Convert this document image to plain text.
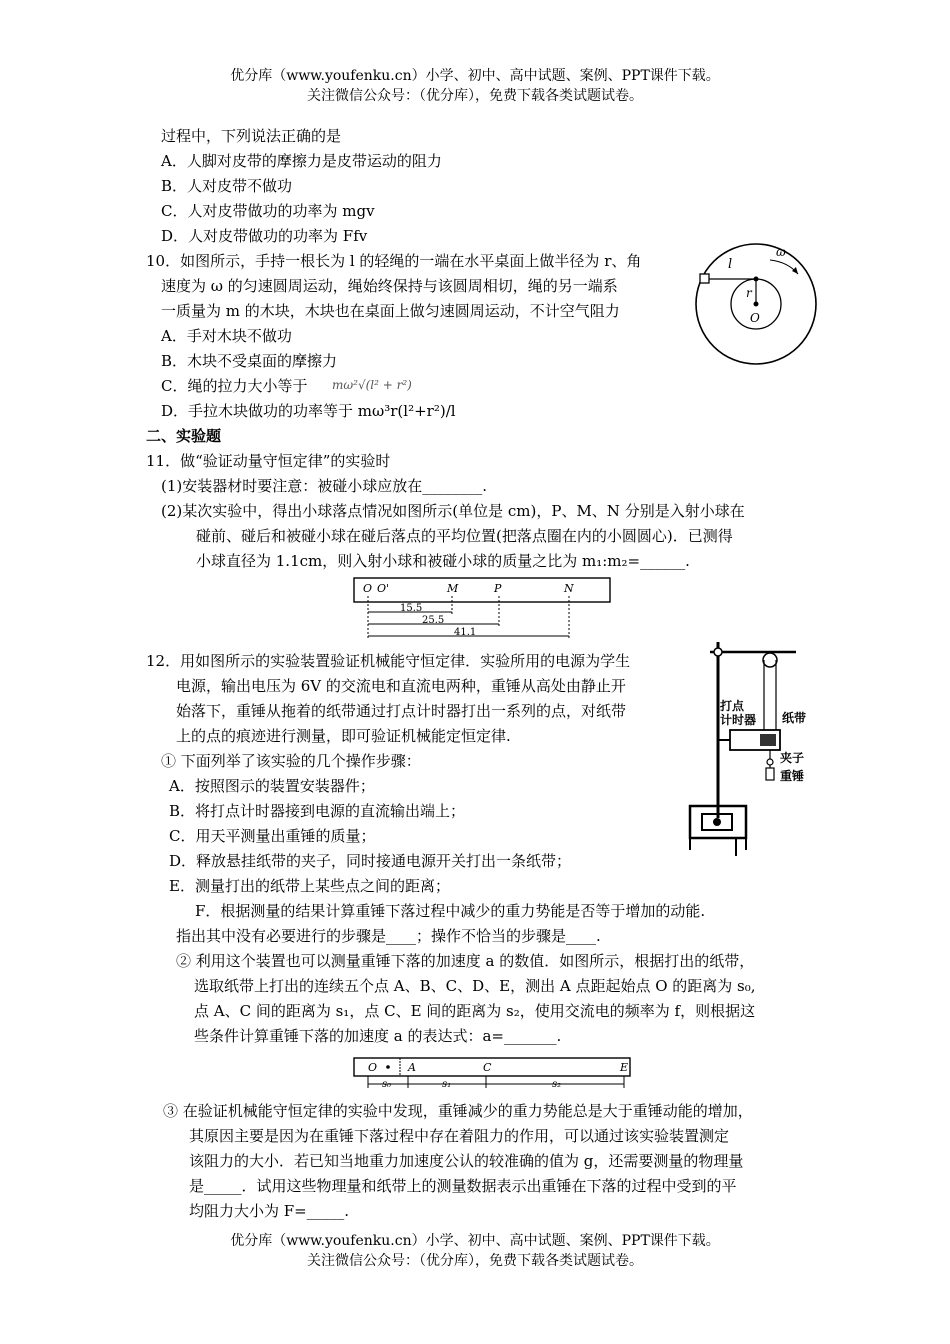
优分库（www.youfenku.cn）小学、初中、高中试题、案例、PPT课件下载。
关注微信公众号：（优分库），免费下载各类试题试卷。
过程中，下列说法正确的是
A．人脚对皮带的摩擦力是皮带运动的阻力
B．人对皮带不做功
C．人对皮带做功的功率为 mgv
D．人对皮带做功的功率为 Ffv
10．如图所示，手持一根长为 l 的轻绳的一端在水平桌面上做半径为 r、角
速度为 ω 的匀速圆周运动，绳始终保持与该圆周相切，绳的另一端系
一质量为 m 的木块，木块也在桌面上做匀速圆周运动，不计空气阻力
A．手对木块不做功
B．木块不受桌面的摩擦力
C．绳的拉力大小等于 mω²√(l² + r²)
D．手拉木块做功的功率等于 mω³r(l²+r²)/l
l
ω
r
O
二、实验题
11．做“验证动量守恒定律”的实验时
(1)安装器材时要注意：被碰小球应放在________.
(2)某次实验中，得出小球落点情况如图所示(单位是 cm)，P、M、N 分别是入射小球在
碰前、碰后和被碰小球在碰后落点的平均位置(把落点圈在内的小圆圆心)．已测得
小球直径为 1.1cm，则入射小球和被碰小球的质量之比为 m₁:m₂=______.
O O'	M	P	N
15.5
25.5
41.1
12．用如图所示的实验装置验证机械能守恒定律．实验所用的电源为学生
电源，输出电压为 6V 的交流电和直流电两种，重锤从高处由静止开
始落下，重锤从拖着的纸带通过打点计时器打出一系列的点，对纸带
上的点的痕迹进行测量，即可验证机械能定恒定律.
① 下面列举了该实验的几个操作步骤：
A．按照图示的装置安装器件；
B．将打点计时器接到电源的直流输出端上；
C．用天平测量出重锤的质量；
D．释放悬挂纸带的夹子，同时接通电源开关打出一条纸带；
E．测量打出的纸带上某些点之间的距离；
F．根据测量的结果计算重锤下落过程中减少的重力势能是否等于增加的动能.
指出其中没有必要进行的步骤是____；操作不恰当的步骤是____.
② 利用这个装置也可以测量重锤下落的加速度 a 的数值．如图所示，根据打出的纸带，
选取纸带上打出的连续五个点 A、B、C、D、E，测出 A 点距起始点 O 的距离为 s₀,
点 A、C 间的距离为 s₁，点 C、E 间的距离为 s₂，使用交流电的频率为 f，则根据这
些条件计算重锤下落的加速度 a 的表达式：a=_______.
打点
计时器 纸带
夹子
重锤
O	A	C	E
s₀	s₁	s₂
③ 在验证机械能守恒定律的实验中发现，重锤减少的重力势能总是大于重锤动能的增加，
其原因主要是因为在重锤下落过程中存在着阻力的作用，可以通过该实验装置测定
该阻力的大小．若已知当地重力加速度公认的较准确的值为 g，还需要测量的物理量
是_____．试用这些物理量和纸带上的测量数据表示出重锤在下落的过程中受到的平
均阻力大小为 F=_____.
优分库（www.youfenku.cn）小学、初中、高中试题、案例、PPT课件下载。
关注微信公众号：（优分库），免费下载各类试题试卷。
